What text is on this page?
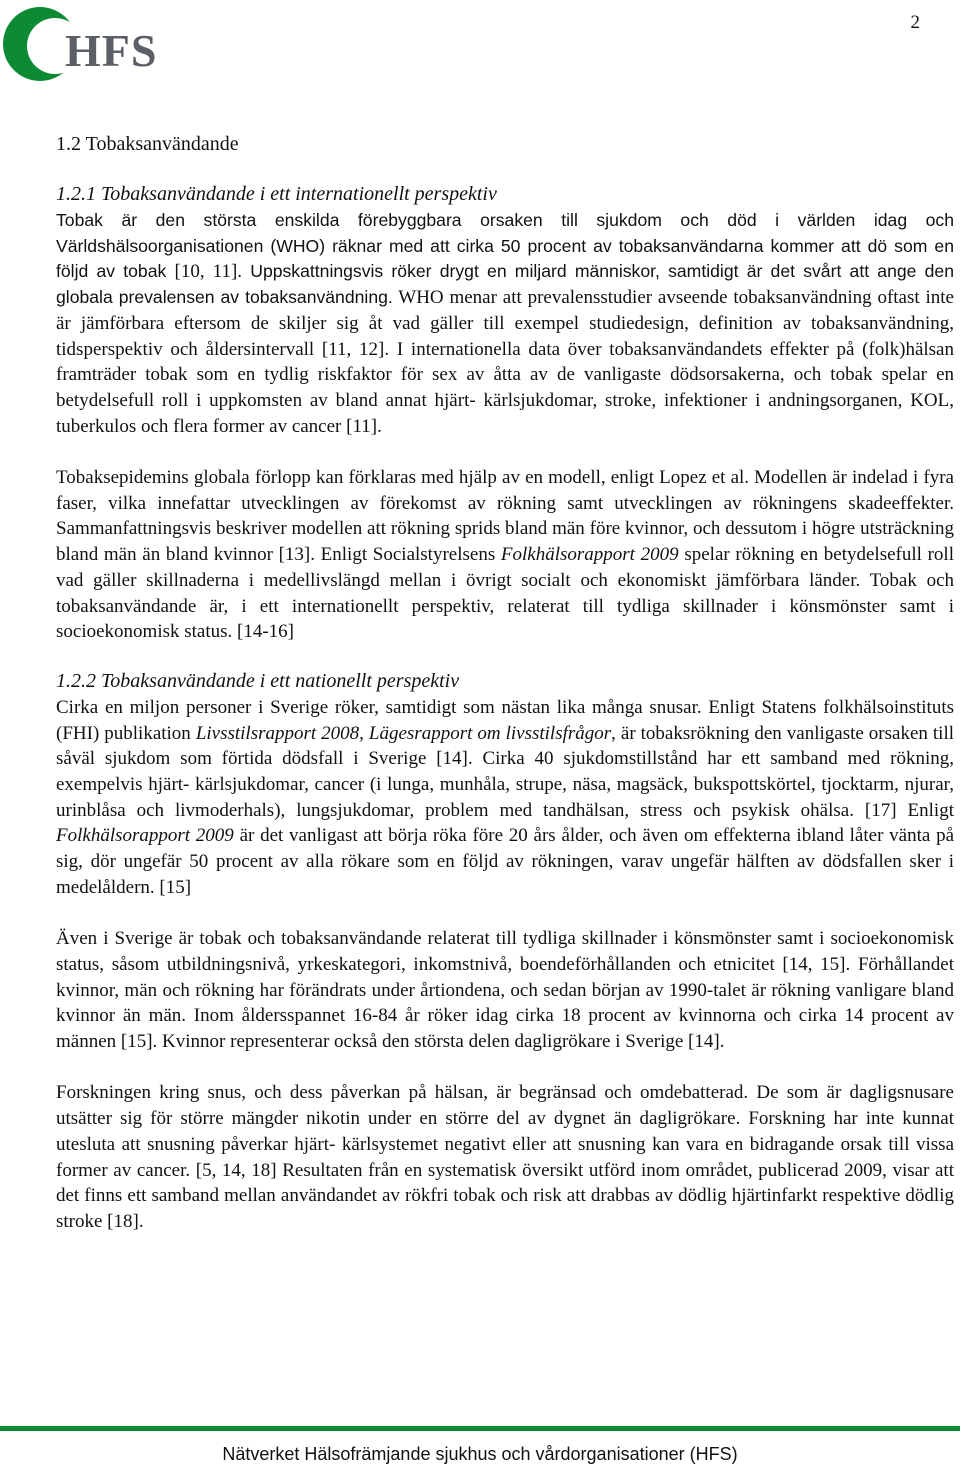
HFS
2
1.2 Tobaksanvändande
1.2.1 Tobaksanvändande i ett internationellt perspektiv

Tobak är den största enskilda förebyggbara orsaken till sjukdom och död i världen idag och Världshälsoorganisationen (WHO) räknar med att cirka 50 procent av tobaksanvändarna kommer att dö som en följd av tobak [10, 11]. Uppskattningsvis röker drygt en miljard människor, samtidigt är det svårt att ange den globala prevalensen av tobaksanvändning. WHO menar att prevalensstudier avseende tobaksanvändning oftast inte är jämförbara eftersom de skiljer sig åt vad gäller till exempel studiedesign, definition av tobaksanvändning, tidsperspektiv och åldersintervall [11, 12]. I internationella data över tobaksanvändandets effekter på (folk)hälsan framträder tobak som en tydlig riskfaktor för sex av åtta av de vanligaste dödsorsakerna, och tobak spelar en betydelsefull roll i uppkomsten av bland annat hjärt- kärlsjukdomar, stroke, infektioner i andningsorganen, KOL, tuberkulos och flera former av cancer [11].

Tobaksepidemins globala förlopp kan förklaras med hjälp av en modell, enligt Lopez et al. Modellen är indelad i fyra faser, vilka innefattar utvecklingen av förekomst av rökning samt utvecklingen av rökningens skadeeffekter. Sammanfattningsvis beskriver modellen att rökning sprids bland män före kvinnor, och dessutom i högre utsträckning bland män än bland kvinnor [13]. Enligt Socialstyrelsens Folkhälsorapport 2009 spelar rökning en betydelsefull roll vad gäller skillnaderna i medellivslängd mellan i övrigt socialt och ekonomiskt jämförbara länder. Tobak och tobaksanvändande är, i ett internationellt perspektiv, relaterat till tydliga skillnader i könsmönster samt i socioekonomisk status. [14-16]

1.2.2 Tobaksanvändande i ett nationellt perspektiv

Cirka en miljon personer i Sverige röker, samtidigt som nästan lika många snusar. Enligt Statens folkhälsoinstituts (FHI) publikation Livsstilsrapport 2008, Lägesrapport om livsstilsfrågor, är tobaksrökning den vanligaste orsaken till såväl sjukdom som förtida dödsfall i Sverige [14]. Cirka 40 sjukdomstillstånd har ett samband med rökning, exempelvis hjärt- kärlsjukdomar, cancer (i lunga, munhåla, strupe, näsa, magsäck, bukspottskörtel, tjocktarm, njurar, urinblåsa och livmoderhals), lungsjukdomar, problem med tandhälsan, stress och psykisk ohälsa. [17] Enligt Folkhälsorapport 2009 är det vanligast att börja röka före 20 års ålder, och även om effekterna ibland låter vänta på sig, dör ungefär 50 procent av alla rökare som en följd av rökningen, varav ungefär hälften av dödsfallen sker i medelåldern. [15]

Även i Sverige är tobak och tobaksanvändande relaterat till tydliga skillnader i könsmönster samt i socioekonomisk status, såsom utbildningsnivå, yrkeskategori, inkomstnivå, boendeförhållanden och etnicitet [14, 15]. Förhållandet kvinnor, män och rökning har förändrats under årtiondena, och sedan början av 1990-talet är rökning vanligare bland kvinnor än män. Inom åldersspannet 16-84 år röker idag cirka 18 procent av kvinnorna och cirka 14 procent av männen [15]. Kvinnor representerar också den största delen dagligrökare i Sverige [14].

Forskningen kring snus, och dess påverkan på hälsan, är begränsad och omdebatterad. De som är dagligsnusare utsätter sig för större mängder nikotin under en större del av dygnet än dagligrökare. Forskning har inte kunnat utesluta att snusning påverkar hjärt- kärlsystemet negativt eller att snusning kan vara en bidragande orsak till vissa former av cancer. [5, 14, 18] Resultaten från en systematisk översikt utförd inom området, publicerad 2009, visar att det finns ett samband mellan användandet av rökfri tobak och risk att drabbas av dödlig hjärtinfarkt respektive dödlig stroke [18].

Nätverket Hälsofrämjande sjukhus och vårdorganisationer (HFS)
